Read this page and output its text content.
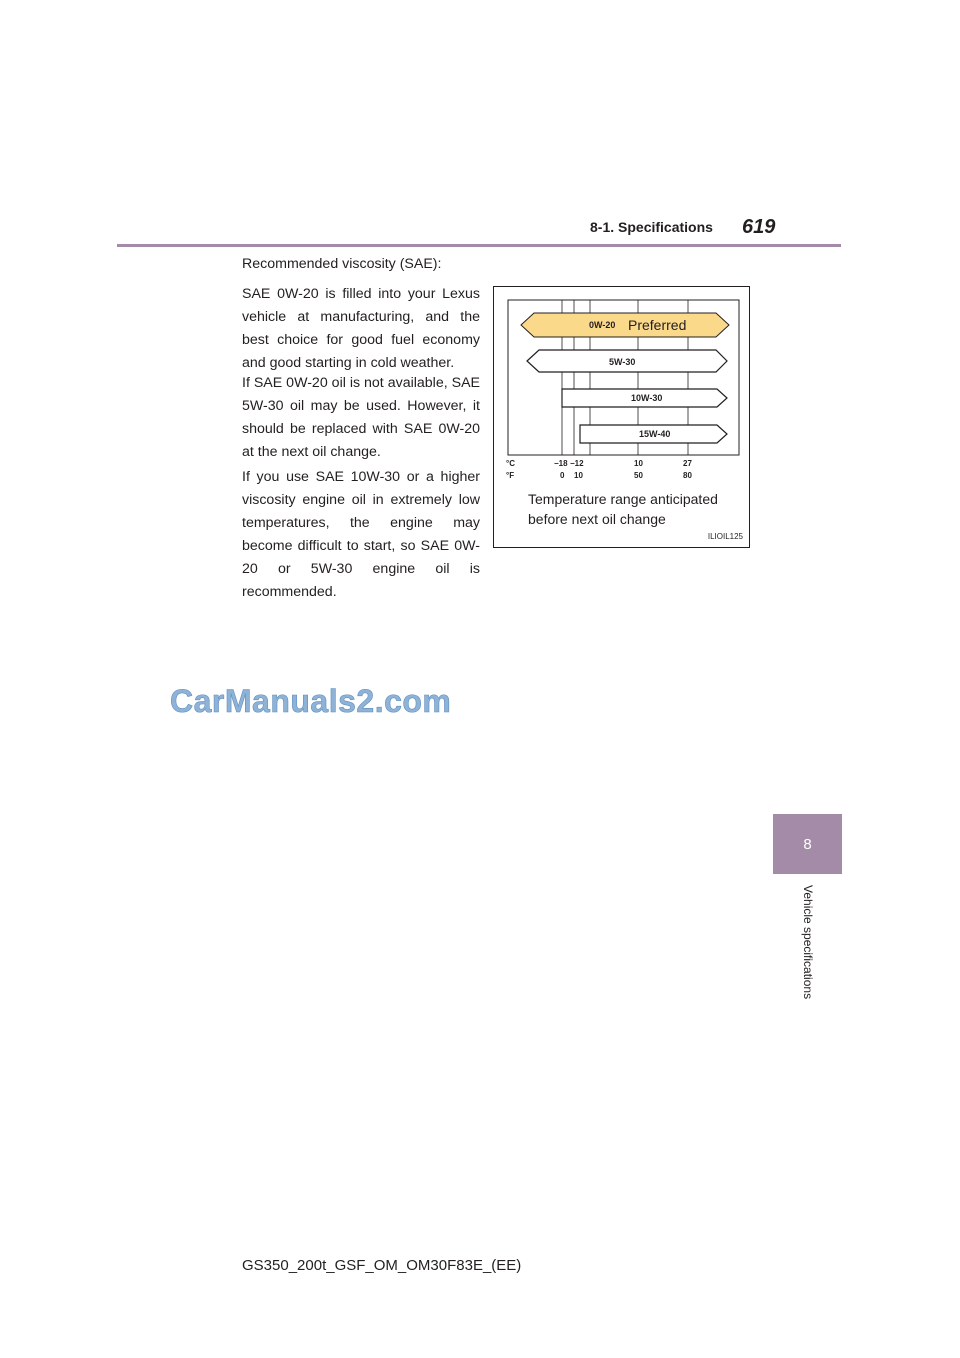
8-1. Specifications 619

Recommended viscosity (SAE):

SAE 0W-20 is filled into your Lexus vehicle at manufacturing, and the best choice for good fuel economy and good starting in cold weather.

If SAE 0W-20 oil is not available, SAE 5W-30 oil may be used. However, it should be replaced with SAE 0W-20 at the next oil change.

If you use SAE 10W-30 or a higher viscosity engine oil in extremely low temperatures, the engine may become difficult to start, so SAE 0W-20 or 5W-30 engine oil is recommended.

0W-20 Preferred
5W-30
10W-30
15W-40
°C
°F
−18 −12	10	27
0 10	50	80
Temperature range anticipated before next oil change
ILIOIL125
CarManuals2.com
8
Vehicle specifications
GS350_200t_GSF_OM_OM30F83E_(EE)
